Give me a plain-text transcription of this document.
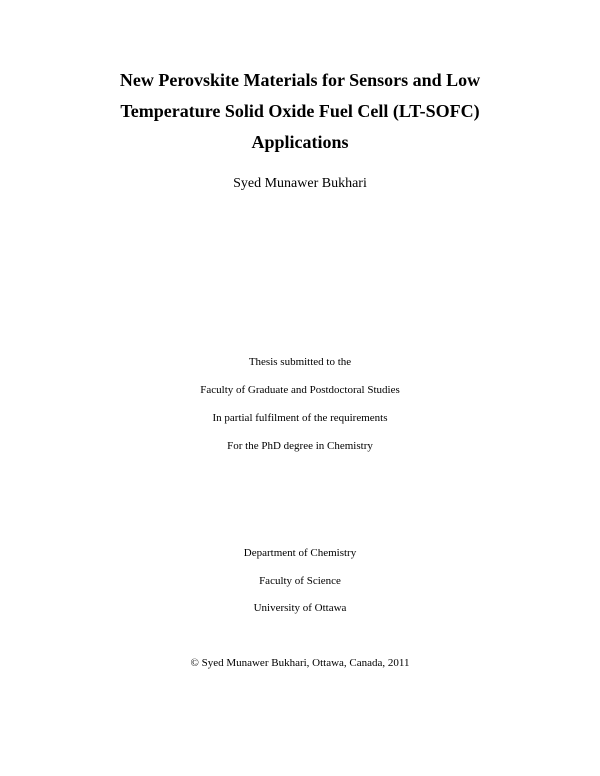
New Perovskite Materials for Sensors and Low
Temperature Solid Oxide Fuel Cell (LT-SOFC)
Applications
Syed Munawer Bukhari
Thesis submitted to the
Faculty of Graduate and Postdoctoral Studies
In partial fulfilment of the requirements
For the PhD degree in Chemistry
Department of Chemistry
Faculty of Science
University of Ottawa
© Syed Munawer Bukhari, Ottawa, Canada, 2011
